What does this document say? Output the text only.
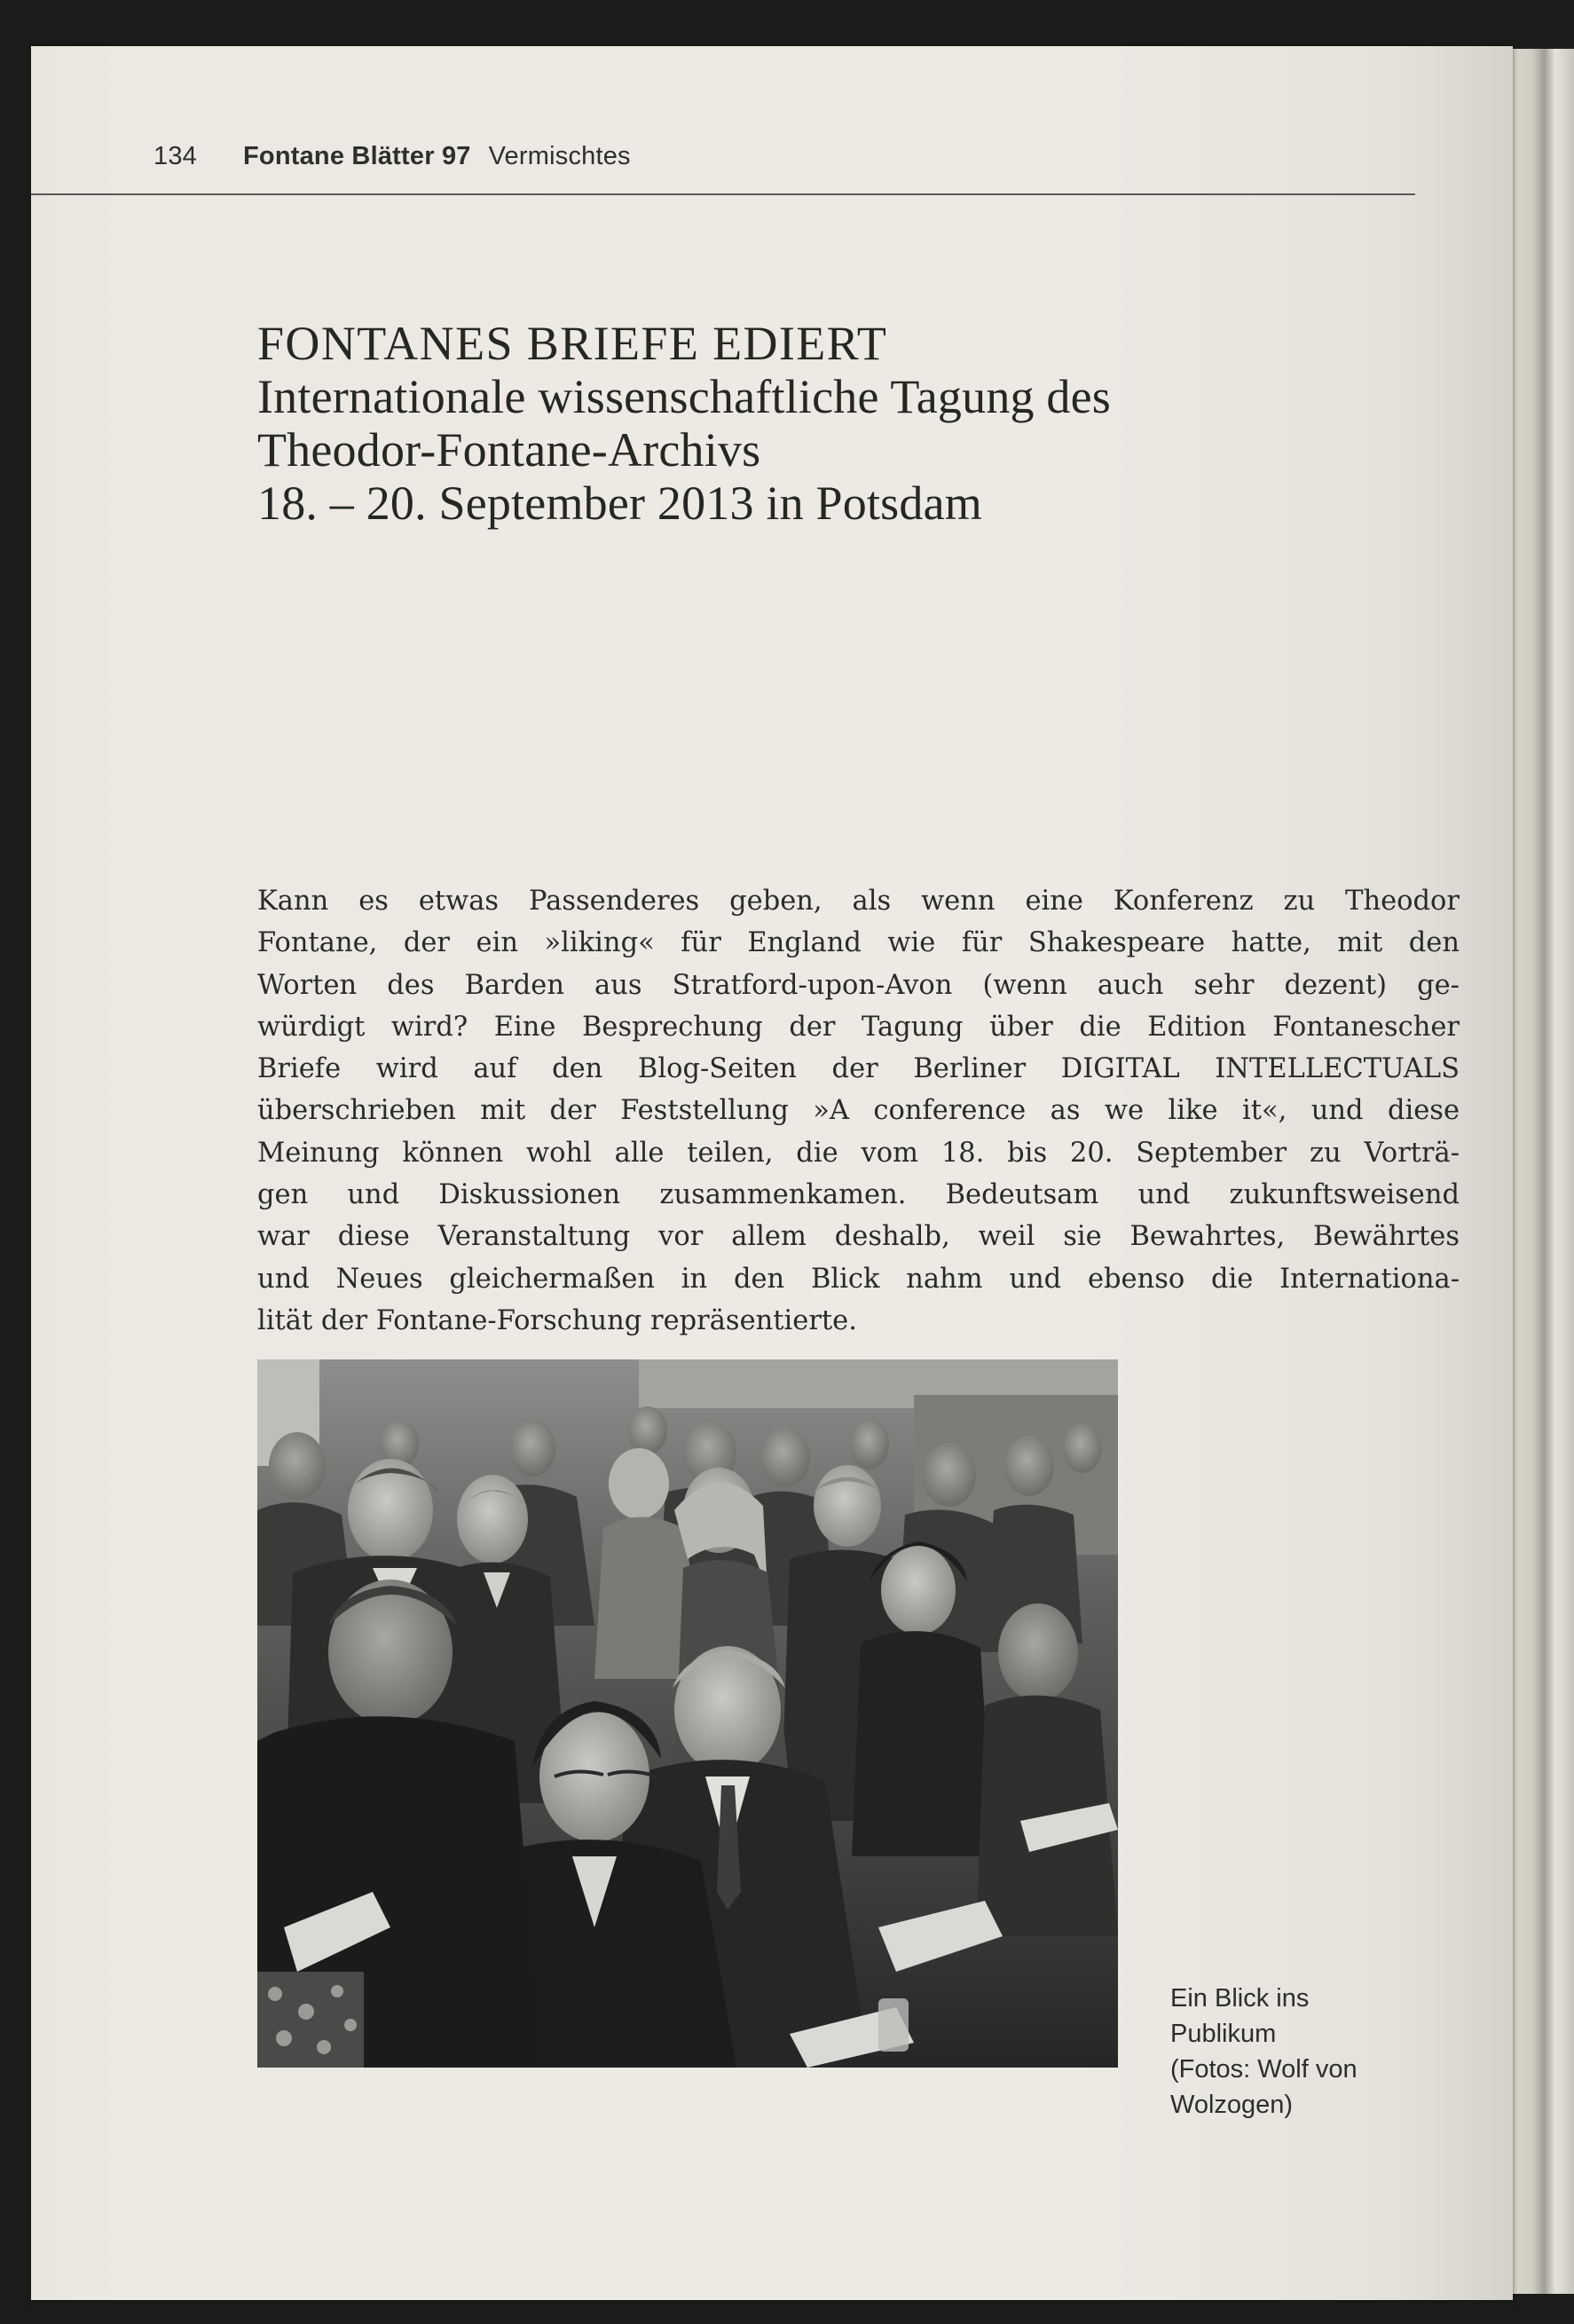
134 Fontane Blätter 97 Vermischtes
FONTANES BRIEFE EDIERT
Internationale wissenschaftliche Tagung des
Theodor-Fontane-Archivs
18. – 20. September 2013 in Potsdam
Kann es etwas Passenderes geben, als wenn eine Konferenz zu Theodor
Fontane, der ein »liking« für England wie für Shakespeare hatte, mit den
Worten des Barden aus Stratford-upon-Avon (wenn auch sehr dezent) ge-
würdigt wird? Eine Besprechung der Tagung über die Edition Fontanescher
Briefe wird auf den Blog-Seiten der Berliner DIGITAL INTELLECTUALS
überschrieben mit der Feststellung »A conference as we like it«, und diese
Meinung können wohl alle teilen, die vom 18. bis 20. September zu Vorträ-
gen und Diskussionen zusammenkamen. Bedeutsam und zukunftsweisend
war diese Veranstaltung vor allem deshalb, weil sie Bewahrtes, Bewährtes
und Neues gleichermaßen in den Blick nahm und ebenso die Internationa-
lität der Fontane-Forschung repräsentierte.
Ein Blick ins
Publikum
(Fotos: Wolf von
Wolzogen)
